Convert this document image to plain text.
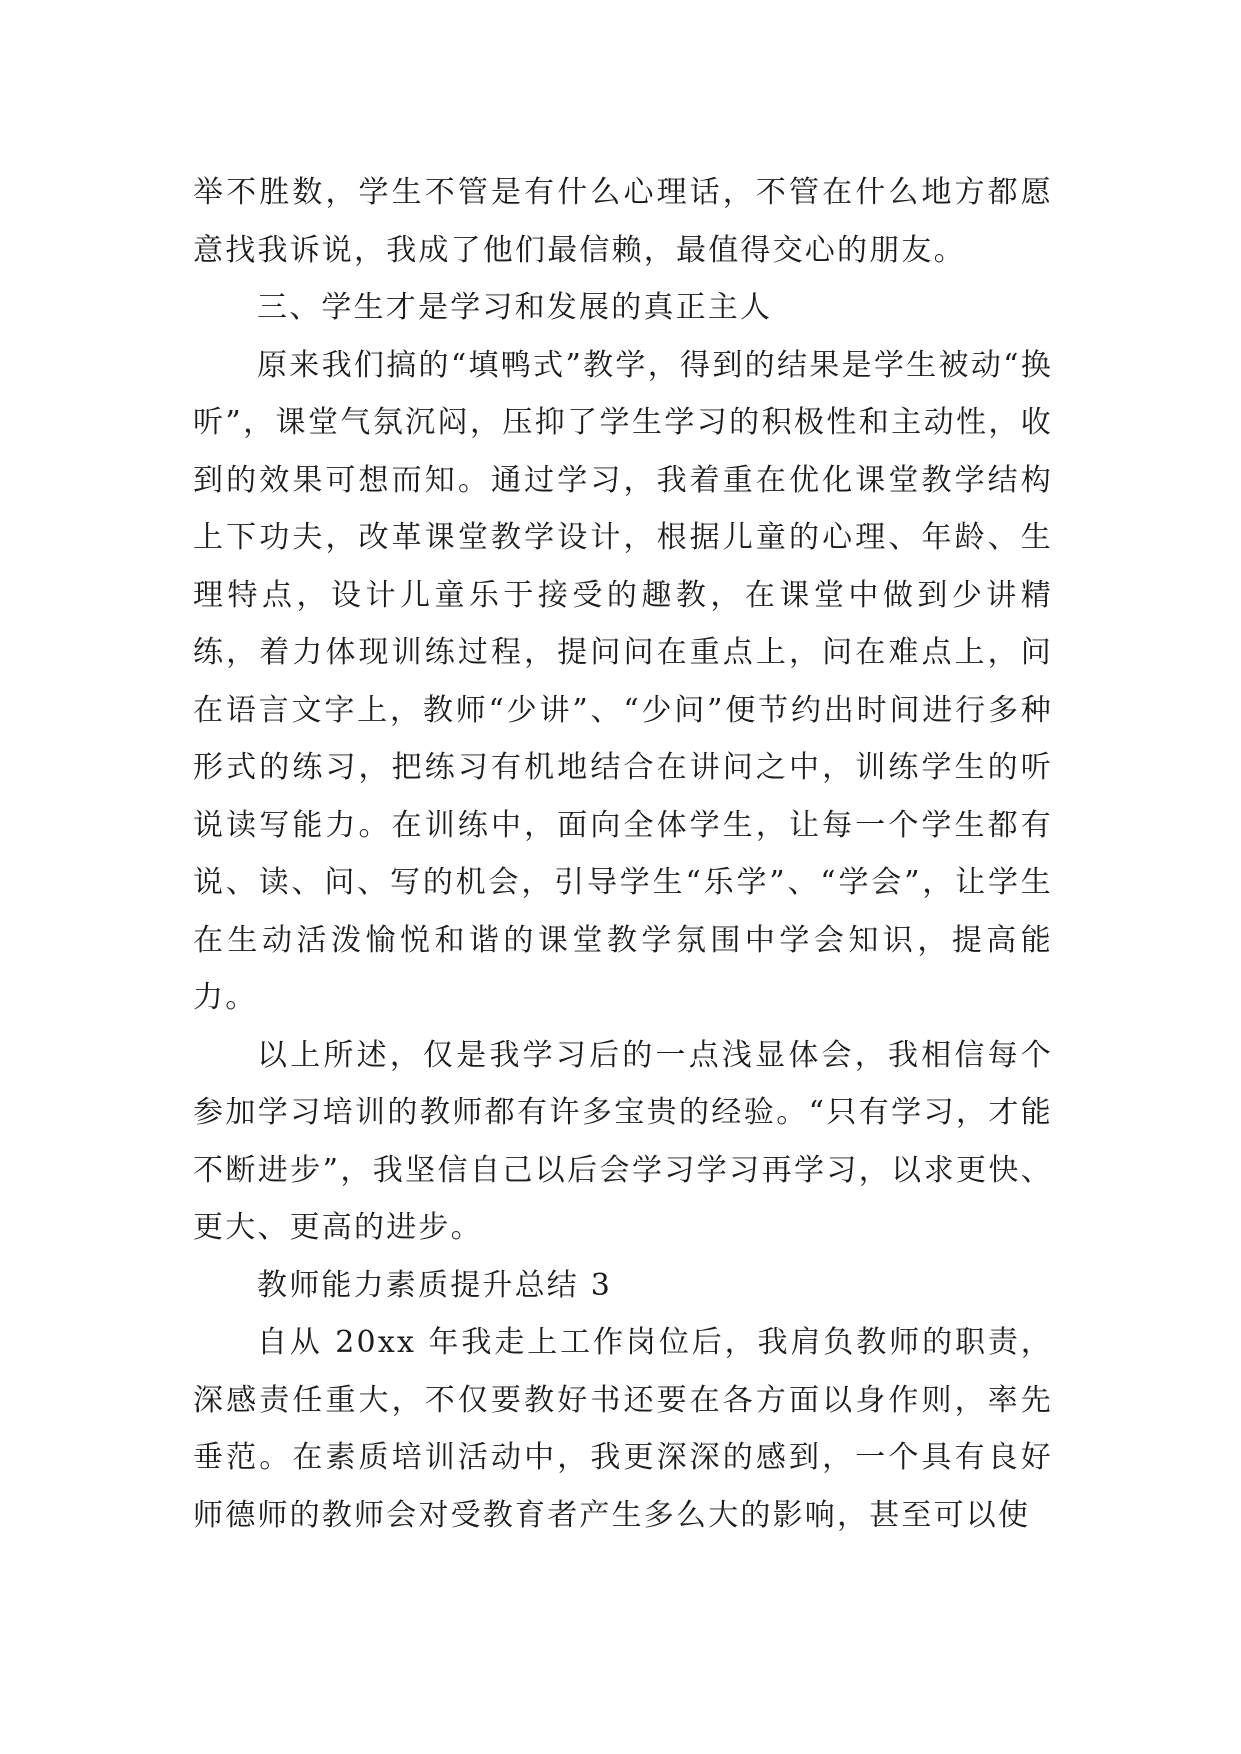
举不胜数，学生不管是有什么心理话，不管在什么地方都愿意找我诉说，我成了他们最信赖，最值得交心的朋友。

三、学生才是学习和发展的真正主人

原来我们搞的“填鸭式”教学，得到的结果是学生被动“换听”，课堂气氛沉闷，压抑了学生学习的积极性和主动性，收到的效果可想而知。通过学习，我着重在优化课堂教学结构上下功夫，改革课堂教学设计，根据儿童的心理、年龄、生理特点，设计儿童乐于接受的趣教，在课堂中做到少讲精练，着力体现训练过程，提问问在重点上，问在难点上，问在语言文字上，教师“少讲”、“少问”便节约出时间进行多种形式的练习，把练习有机地结合在讲问之中，训练学生的听说读写能力。在训练中，面向全体学生，让每一个学生都有说、读、问、写的机会，引导学生“乐学”、“学会”，让学生在生动活泼愉悦和谐的课堂教学氛围中学会知识，提高能力。

以上所述，仅是我学习后的一点浅显体会，我相信每个参加学习培训的教师都有许多宝贵的经验。“只有学习，才能不断进步”，我坚信自己以后会学习学习再学习，以求更快、更大、更高的进步。

教师能力素质提升总结 3

自从 20xx 年我走上工作岗位后，我肩负教师的职责，深感责任重大，不仅要教好书还要在各方面以身作则，率先垂范。在素质培训活动中，我更深深的感到，一个具有良好师德师的教师会对受教育者产生多么大的影响，甚至可以使
